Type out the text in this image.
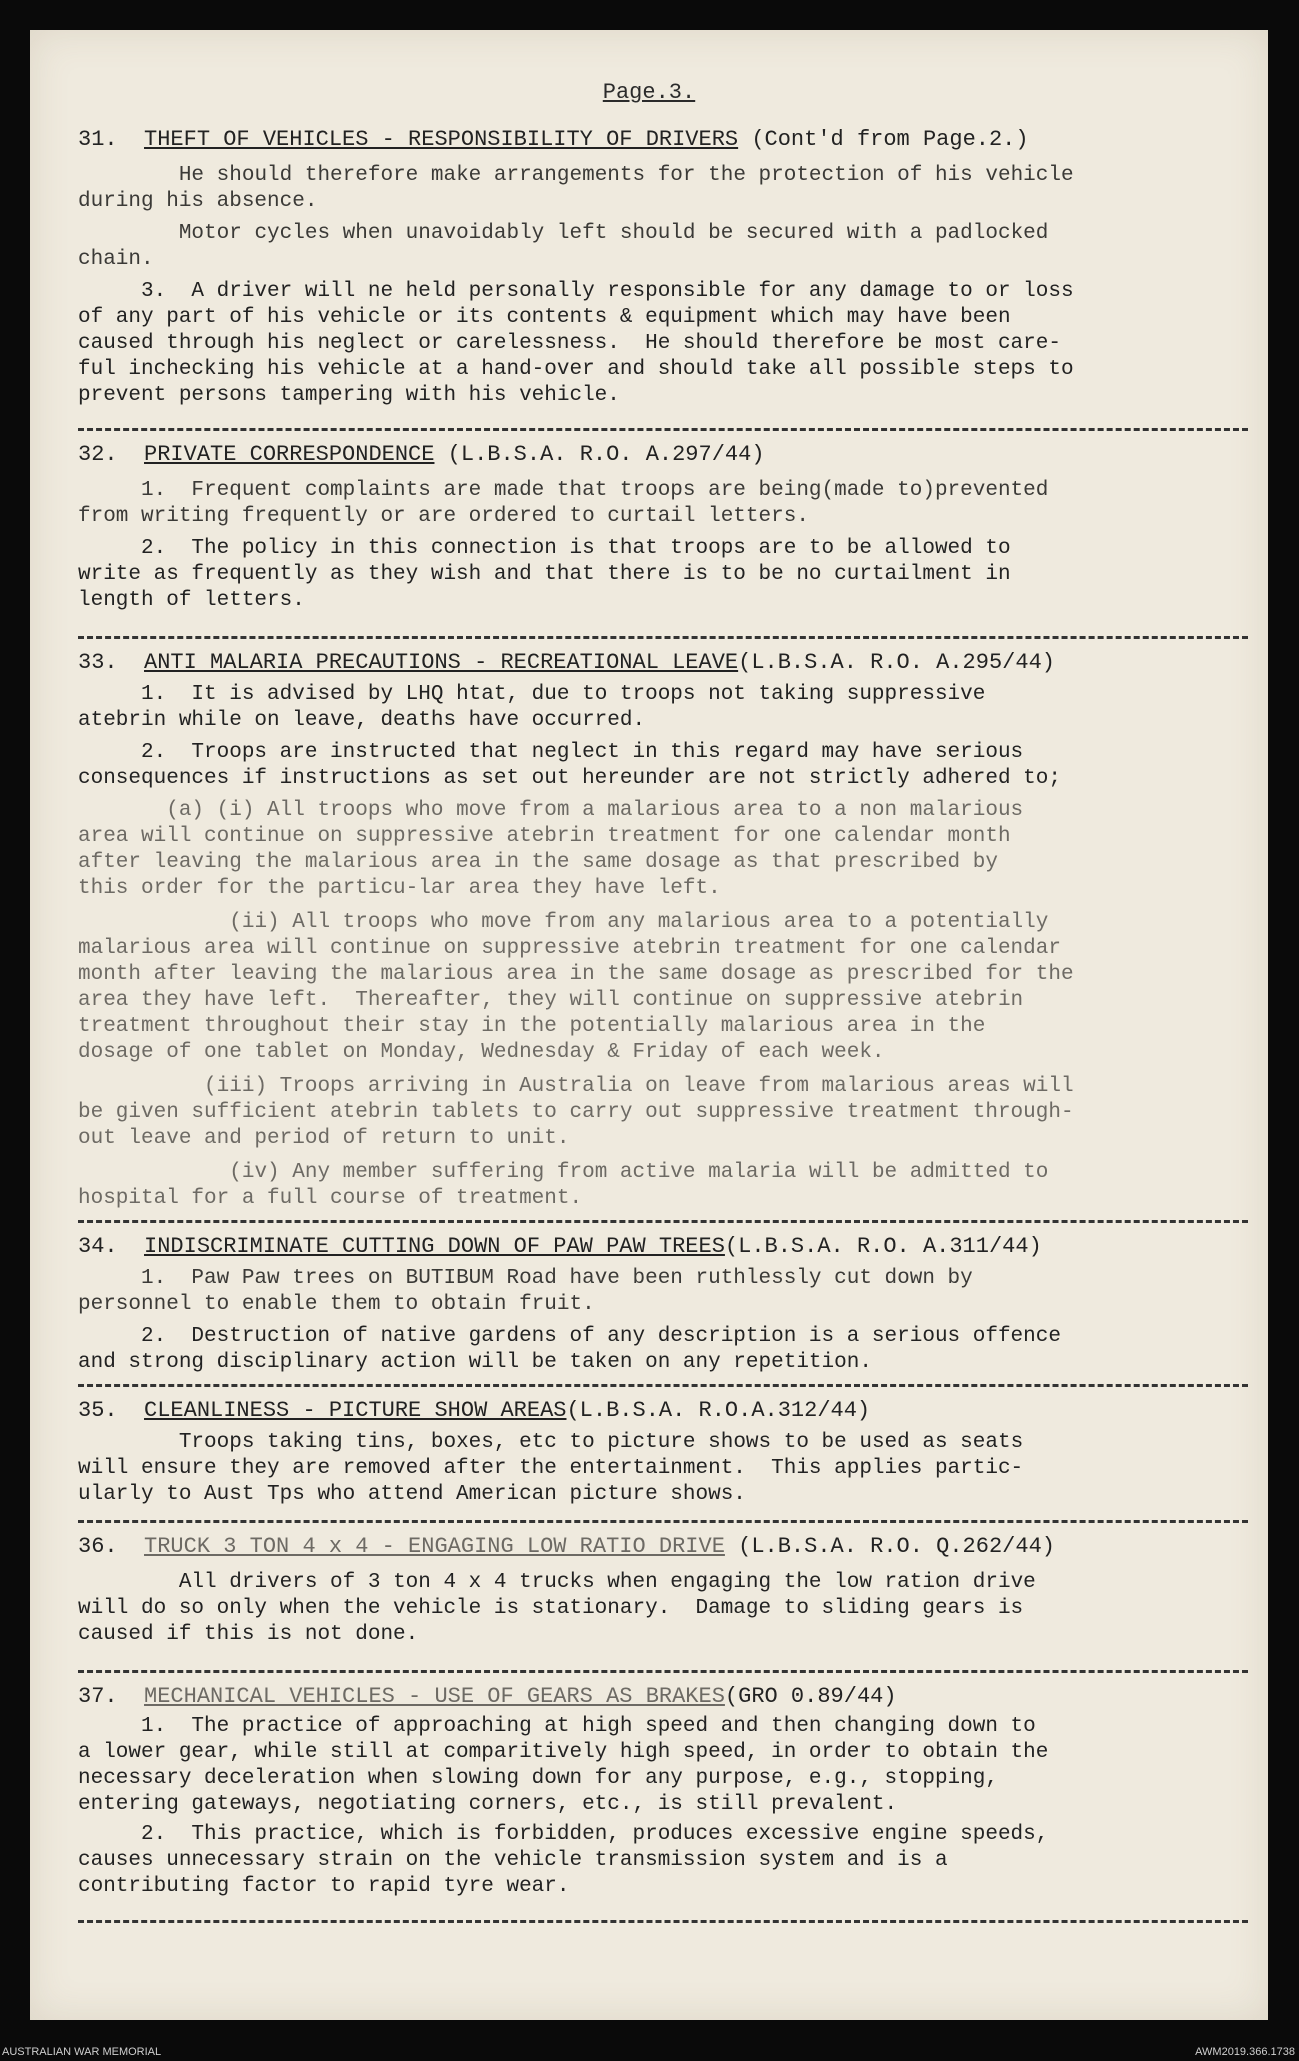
Page.3.
31. THEFT OF VEHICLES - RESPONSIBILITY OF DRIVERS (Cont'd from Page.2.)

He should therefore make arrangements for the protection of his vehicle
during his absence.

Motor cycles when unavoidably left should be secured with a padlocked
chain.

3.  A driver will ne held personally responsible for any damage to or loss
of any part of his vehicle or its contents & equipment which may have been
caused through his neglect or carelessness.  He should therefore be most care-
ful inchecking his vehicle at a hand-over and should take all possible steps to
prevent persons tampering with his vehicle.

32. PRIVATE CORRESPONDENCE (L.B.S.A. R.O. A.297/44)

1.  Frequent complaints are made that troops are being(made to)prevented
from writing frequently or are ordered to curtail letters.

2.  The policy in this connection is that troops are to be allowed to
write as frequently as they wish and that there is to be no curtailment in
length of letters.

33. ANTI MALARIA PRECAUTIONS - RECREATIONAL LEAVE(L.B.S.A. R.O. A.295/44)

1.  It is advised by LHQ htat, due to troops not taking suppressive
atebrin while on leave, deaths have occurred.

2.  Troops are instructed that neglect in this regard may have serious
consequences if instructions as set out hereunder are not strictly adhered to;

(a) (i) All troops who move from a malarious area to a non malarious
area will continue on suppressive atebrin treatment for one calendar month
after leaving the malarious area in the same dosage as that prescribed by
this order for the particu-lar area they have left.

(ii) All troops who move from any malarious area to a potentially
malarious area will continue on suppressive atebrin treatment for one calendar
month after leaving the malarious area in the same dosage as prescribed for the
area they have left.  Thereafter, they will continue on suppressive atebrin
treatment throughout their stay in the potentially malarious area in the
dosage of one tablet on Monday, Wednesday & Friday of each week.

(iii) Troops arriving in Australia on leave from malarious areas will
be given sufficient atebrin tablets to carry out suppressive treatment through-
out leave and period of return to unit.

(iv) Any member suffering from active malaria will be admitted to
hospital for a full course of treatment.

34. INDISCRIMINATE CUTTING DOWN OF PAW PAW TREES(L.B.S.A. R.O. A.311/44)

1.  Paw Paw trees on BUTIBUM Road have been ruthlessly cut down by
personnel to enable them to obtain fruit.

2.  Destruction of native gardens of any description is a serious offence
and strong disciplinary action will be taken on any repetition.

35. CLEANLINESS - PICTURE SHOW AREAS(L.B.S.A. R.O.A.312/44)

Troops taking tins, boxes, etc to picture shows to be used as seats
will ensure they are removed after the entertainment.  This applies partic-
ularly to Aust Tps who attend American picture shows.

36. TRUCK 3 TON 4 x 4 - ENGAGING LOW RATIO DRIVE (L.B.S.A. R.O. Q.262/44)

All drivers of 3 ton 4 x 4 trucks when engaging the low ration drive
will do so only when the vehicle is stationary.  Damage to sliding gears is
caused if this is not done.

37. MECHANICAL VEHICLES - USE OF GEARS AS BRAKES(GRO 0.89/44)

1.  The practice of approaching at high speed and then changing down to
a lower gear, while still at comparitively high speed, in order to obtain the
necessary deceleration when slowing down for any purpose, e.g., stopping,
entering gateways, negotiating corners, etc., is still prevalent.

2.  This practice, which is forbidden, produces excessive engine speeds,
causes unnecessary strain on the vehicle transmission system and is a
contributing factor to rapid tyre wear.

AUSTRALIAN WAR MEMORIAL	AWM2019.366.1738
